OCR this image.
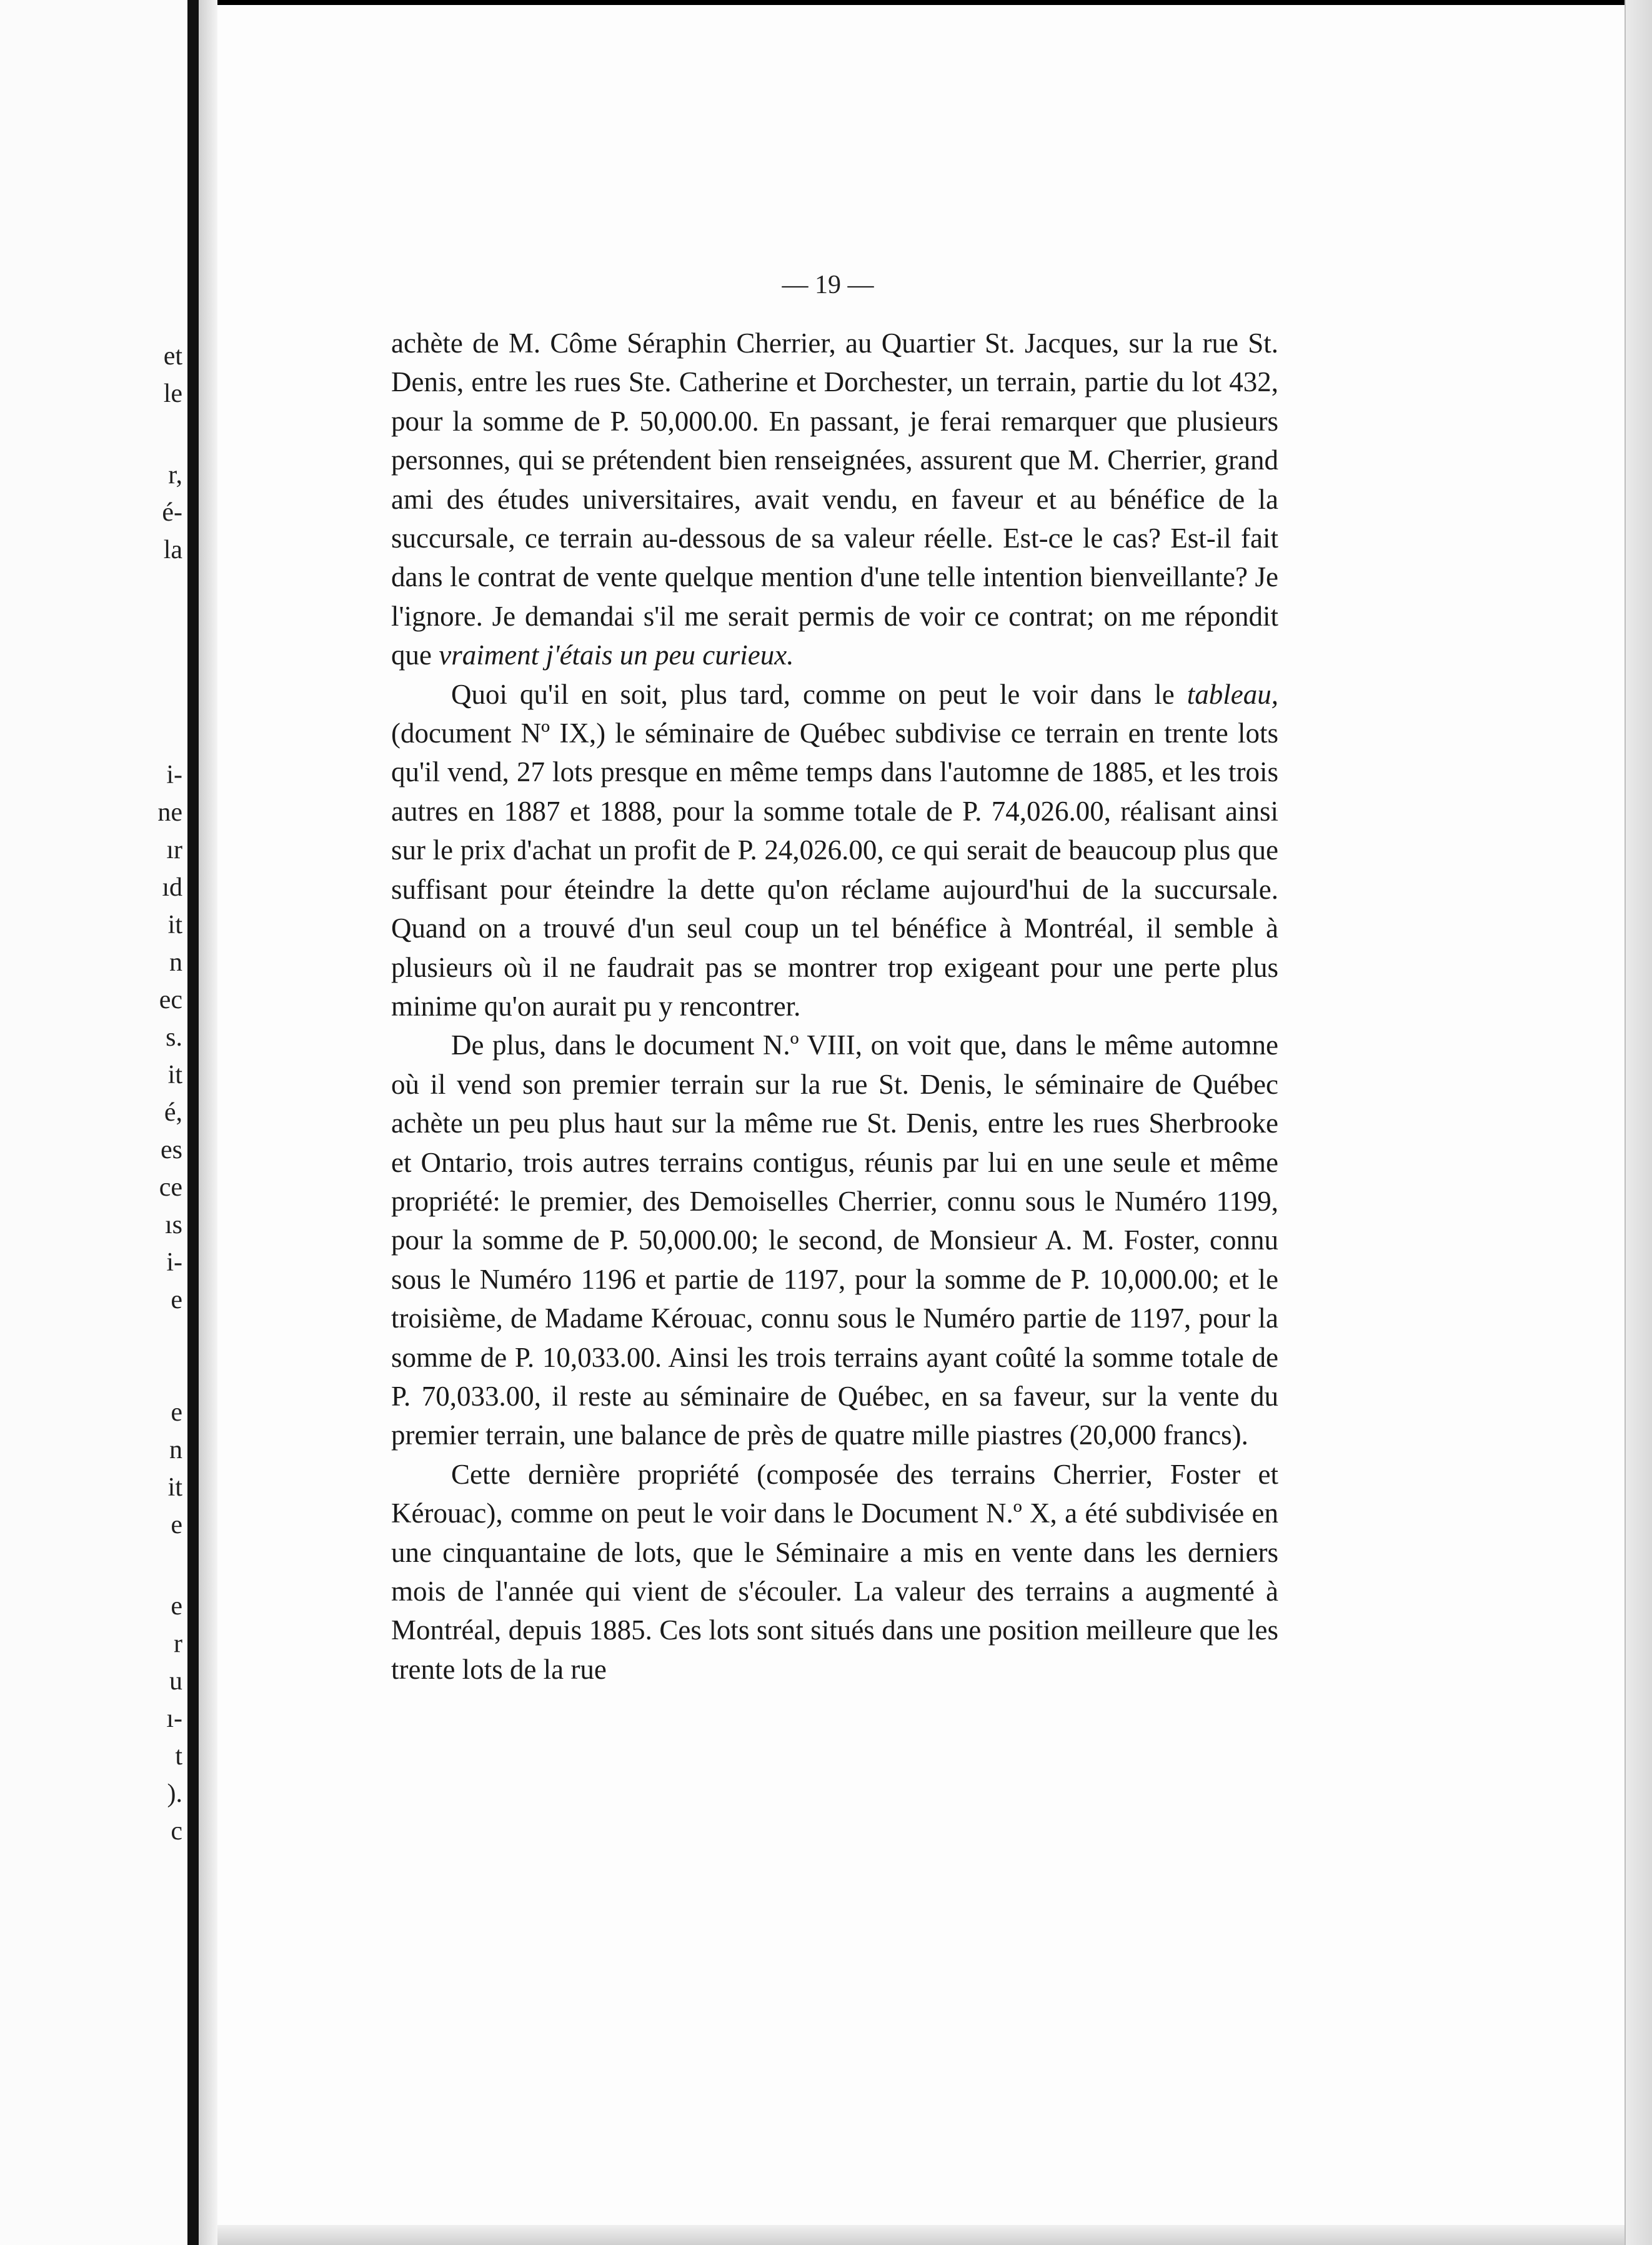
et
le
r,
é-
la
i-
ne
ır
ıd
it
n
ec
s.
it
é,
es
ce
ıs
i-
e
e
n
it
e
e
r
u
ı-
t
).
c
— 19 —

achète de M. Côme Séraphin Cherrier, au Quartier St. Jacques, sur la rue St. Denis, entre les rues Ste. Catherine et Dorchester, un terrain, partie du lot 432, pour la somme de P. 50,000.00. En passant, je ferai remarquer que plusieurs personnes, qui se prétendent bien renseignées, assurent que M. Cherrier, grand ami des études universitaires, avait vendu, en faveur et au bénéfice de la succursale, ce terrain au-dessous de sa valeur réelle. Est-ce le cas? Est-il fait dans le contrat de vente quelque mention d'une telle intention bienveillante? Je l'ignore. Je demandai s'il me serait permis de voir ce contrat; on me répondit que vraiment j'étais un peu curieux.

Quoi qu'il en soit, plus tard, comme on peut le voir dans le tableau, (document Nº IX,) le séminaire de Québec subdivise ce terrain en trente lots qu'il vend, 27 lots presque en même temps dans l'automne de 1885, et les trois autres en 1887 et 1888, pour la somme totale de P. 74,026.00, réalisant ainsi sur le prix d'achat un profit de P. 24,026.00, ce qui serait de beaucoup plus que suffisant pour éteindre la dette qu'on réclame aujourd'hui de la succursale. Quand on a trouvé d'un seul coup un tel bénéfice à Montréal, il semble à plusieurs où il ne faudrait pas se montrer trop exigeant pour une perte plus minime qu'on aurait pu y rencontrer.

De plus, dans le document N.º VIII, on voit que, dans le même automne où il vend son premier terrain sur la rue St. Denis, le séminaire de Québec achète un peu plus haut sur la même rue St. Denis, entre les rues Sherbrooke et Ontario, trois autres terrains contigus, réunis par lui en une seule et même propriété: le premier, des Demoiselles Cherrier, connu sous le Numéro 1199, pour la somme de P. 50,000.00; le second, de Monsieur A. M. Foster, connu sous le Numéro 1196 et partie de 1197, pour la somme de P. 10,000.00; et le troisième, de Madame Kérouac, connu sous le Numéro partie de 1197, pour la somme de P. 10,033.00. Ainsi les trois terrains ayant coûté la somme totale de P. 70,033.00, il reste au séminaire de Québec, en sa faveur, sur la vente du premier terrain, une balance de près de quatre mille piastres (20,000 francs).

Cette dernière propriété (composée des terrains Cherrier, Foster et Kérouac), comme on peut le voir dans le Document N.º X, a été subdivisée en une cinquantaine de lots, que le Séminaire a mis en vente dans les derniers mois de l'année qui vient de s'écouler. La valeur des terrains a augmenté à Montréal, depuis 1885. Ces lots sont situés dans une position meilleure que les trente lots de la rue
